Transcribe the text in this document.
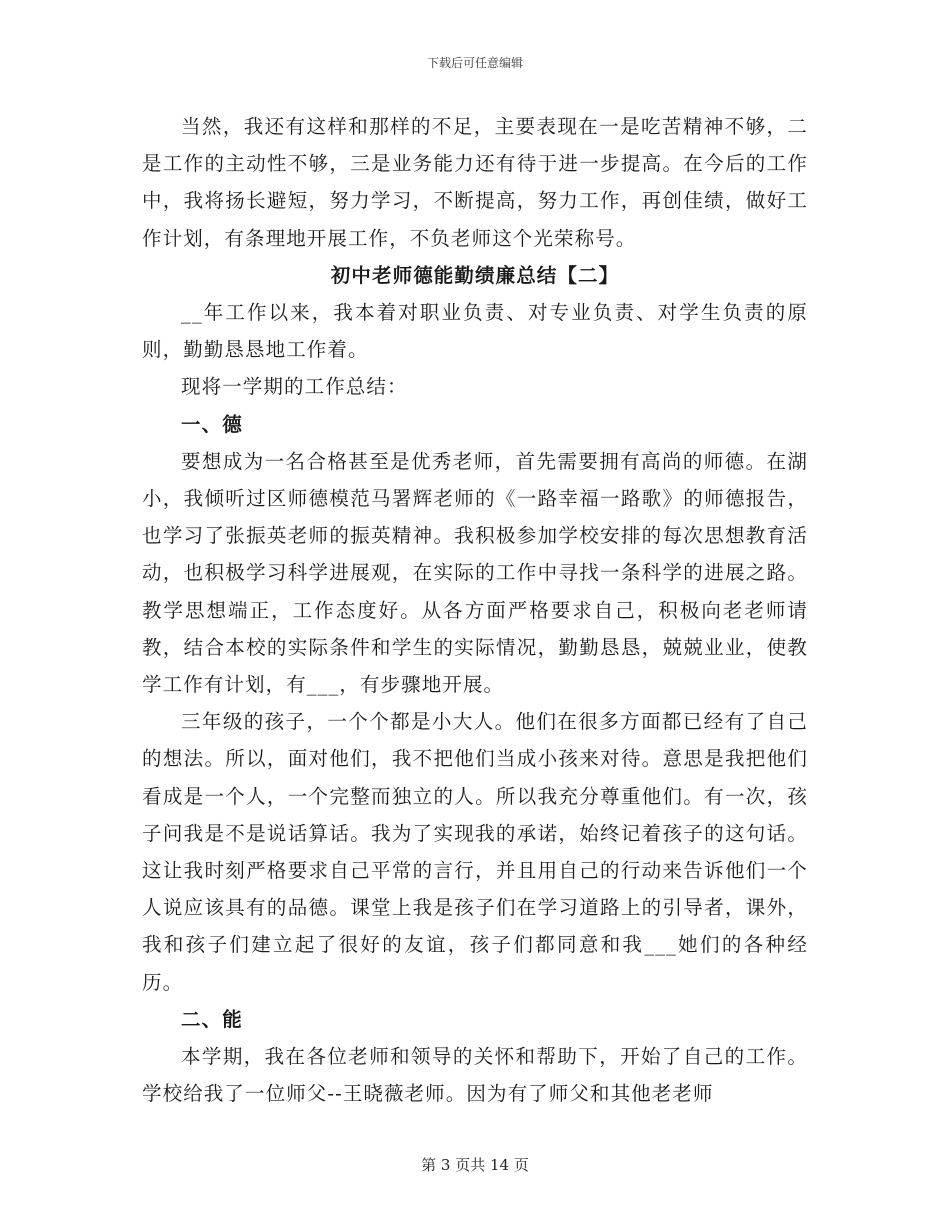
下载后可任意编辑

当然，我还有这样和那样的不足，主要表现在一是吃苦精神不够，二是工作的主动性不够，三是业务能力还有待于进一步提高。在今后的工作中，我将扬长避短，努力学习，不断提高，努力工作，再创佳绩，做好工作计划，有条理地开展工作，不负老师这个光荣称号。

初中老师德能勤绩廉总结【二】

__年工作以来，我本着对职业负责、对专业负责、对学生负责的原则，勤勤恳恳地工作着。

现将一学期的工作总结：

一、德

要想成为一名合格甚至是优秀老师，首先需要拥有高尚的师德。在湖小，我倾听过区师德模范马署辉老师的《一路幸福一路歌》的师德报告，也学习了张振英老师的振英精神。我积极参加学校安排的每次思想教育活动，也积极学习科学进展观，在实际的工作中寻找一条科学的进展之路。教学思想端正，工作态度好。从各方面严格要求自己，积极向老老师请教，结合本校的实际条件和学生的实际情况，勤勤恳恳，兢兢业业，使教学工作有计划，有___，有步骤地开展。

三年级的孩子，一个个都是小大人。他们在很多方面都已经有了自己的想法。所以，面对他们，我不把他们当成小孩来对待。意思是我把他们看成是一个人，一个完整而独立的人。所以我充分尊重他们。有一次，孩子问我是不是说话算话。我为了实现我的承诺，始终记着孩子的这句话。这让我时刻严格要求自己平常的言行，并且用自己的行动来告诉他们一个人说应该具有的品德。课堂上我是孩子们在学习道路上的引导者，课外，我和孩子们建立起了很好的友谊，孩子们都同意和我___她们的各种经历。

二、能

本学期，我在各位老师和领导的关怀和帮助下，开始了自己的工作。学校给我了一位师父--王晓薇老师。因为有了师父和其他老老师

第 3 页共 14 页
